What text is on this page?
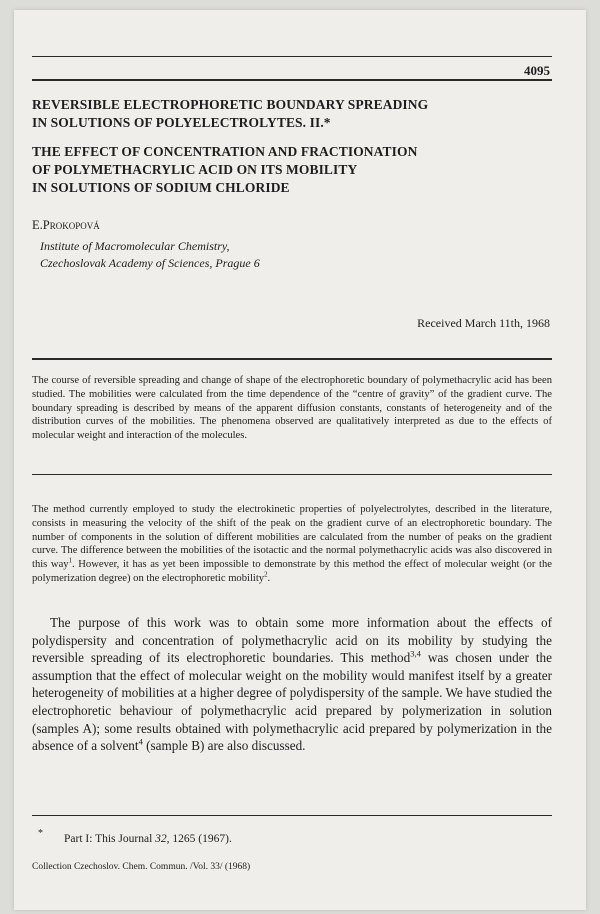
4095

REVERSIBLE ELECTROPHORETIC BOUNDARY SPREADING
IN SOLUTIONS OF POLYELECTROLYTES. II.*

THE EFFECT OF CONCENTRATION AND FRACTIONATION
OF POLYMETHACRYLIC ACID ON ITS MOBILITY
IN SOLUTIONS OF SODIUM CHLORIDE

E.Prokopová
Institute of Macromolecular Chemistry,
Czechoslovak Academy of Sciences, Prague 6
Received March 11th, 1968

The course of reversible spreading and change of shape of the electrophoretic boundary of polymethacrylic acid has been studied. The mobilities were calculated from the time dependence of the “centre of gravity” of the gradient curve. The boundary spreading is described by means of the apparent diffusion constants, constants of heterogeneity and of the distribution curves of the mobilities. The phenomena observed are qualitatively interpreted as due to the effects of molecular weight and interaction of the molecules.

The method currently employed to study the electrokinetic properties of polyelectrolytes, described in the literature, consists in measuring the velocity of the shift of the peak on the gradient curve of an electrophoretic boundary. The number of components in the solution of different mobilities are calculated from the number of peaks on the gradient curve. The difference between the mobilities of the isotactic and the normal polymethacrylic acids was also discovered in this way$^1$. However, it has as yet been impossible to demonstrate by this method the effect of molecular weight (or the polymerization degree) on the electrophoretic mobility$^2$.

The purpose of this work was to obtain some more information about the effects of polydispersity and concentration of polymethacrylic acid on its mobility by studying the reversible spreading of its electrophoretic boundaries. This method$^{3,4}$ was chosen under the assumption that the effect of molecular weight on the mobility would manifest itself by a greater heterogeneity of mobilities at a higher degree of polydispersity of the sample. We have studied the electrophoretic behaviour of polymethacrylic acid prepared by polymerization in solution (samples A); some results obtained with polymethacrylic acid prepared by polymerization in the absence of a solvent$^4$ (sample B) are also discussed.

* Part I: This Journal 32, 1265 (1967).
Collection Czechoslov. Chem. Commun. /Vol. 33/ (1968)
